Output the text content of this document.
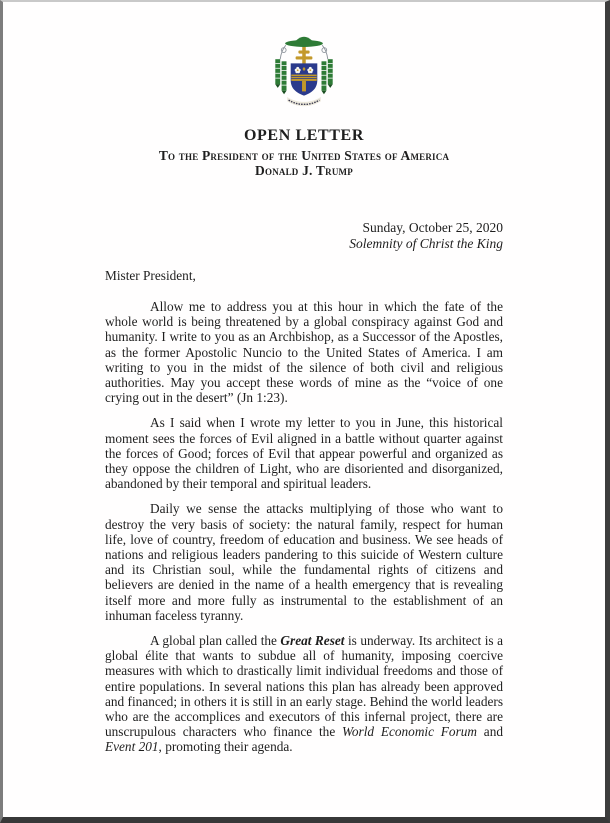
OPEN LETTER
To the President of the United States of America
Donald J. Trump
Sunday, October 25, 2020
Solemnity of Christ the King
Mister President,

Allow me to address you at this hour in which the fate of the whole world is being threatened by a global conspiracy against God and humanity. I write to you as an Archbishop, as a Successor of the Apostles, as the former Apostolic Nuncio to the United States of America. I am writing to you in the midst of the silence of both civil and religious authorities. May you accept these words of mine as the “voice of one crying out in the desert” (Jn 1:23).

As I said when I wrote my letter to you in June, this historical moment sees the forces of Evil aligned in a battle without quarter against the forces of Good; forces of Evil that appear powerful and organized as they oppose the children of Light, who are disoriented and disorganized, abandoned by their temporal and spiritual leaders.

Daily we sense the attacks multiplying of those who want to destroy the very basis of society: the natural family, respect for human life, love of country, freedom of education and business. We see heads of nations and religious leaders pandering to this suicide of Western culture and its Christian soul, while the fundamental rights of citizens and believers are denied in the name of a health emergency that is revealing itself more and more fully as instrumental to the establishment of an inhuman faceless tyranny.

A global plan called the Great Reset is underway. Its architect is a global élite that wants to subdue all of humanity, imposing coercive measures with which to drastically limit individual freedoms and those of entire populations. In several nations this plan has already been approved and financed; in others it is still in an early stage. Behind the world leaders who are the accomplices and executors of this infernal project, there are unscrupulous characters who finance the World Economic Forum and Event 201, promoting their agenda.
